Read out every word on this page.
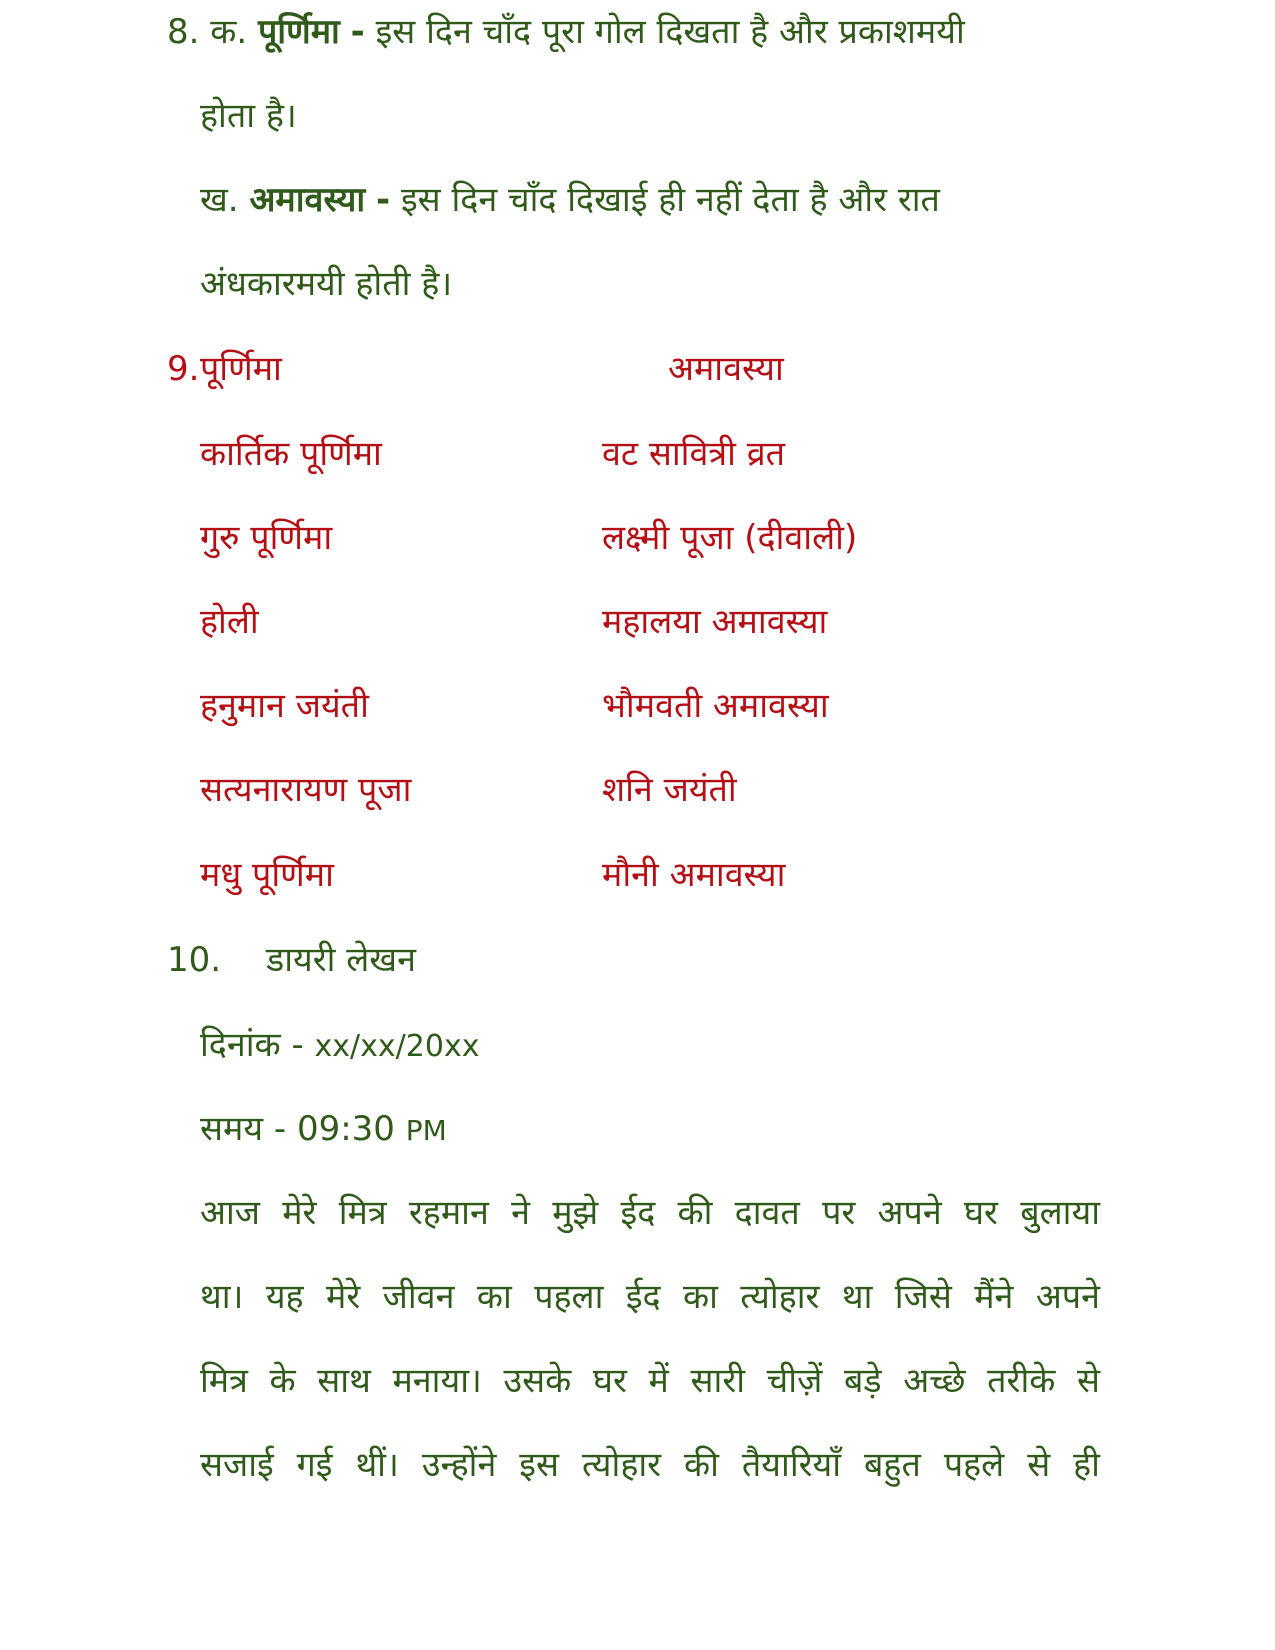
8. क. पूर्णिमा - इस दिन चाँद पूरा गोल दिखता है और प्रकाशमयी
होता है।
ख. अमावस्या - इस दिन चाँद दिखाई ही नहीं देता है और रात
अंधकारमयी होती है।
9. पूर्णिमा	अमावस्या
कार्तिक पूर्णिमा	वट सावित्री व्रत
गुरु पूर्णिमा	लक्ष्मी पूजा (दीवाली)
होली	महालया अमावस्या
हनुमान जयंती	भौमवती अमावस्या
सत्यनारायण पूजा	शनि जयंती
मधु पूर्णिमा	मौनी अमावस्या
10. डायरी लेखन
दिनांक - xx/xx/20xx
समय - 09:30 PM
आज मेरे मित्र रहमान ने मुझे ईद की दावत पर अपने घर बुलाया
था। यह मेरे जीवन का पहला ईद का त्योहार था जिसे मैंने अपने
मित्र के साथ मनाया। उसके घर में सारी चीज़ें बड़े अच्छे तरीके से
सजाई गई थीं। उन्होंने इस त्योहार की तैयारियाँ बहुत पहले से ही
